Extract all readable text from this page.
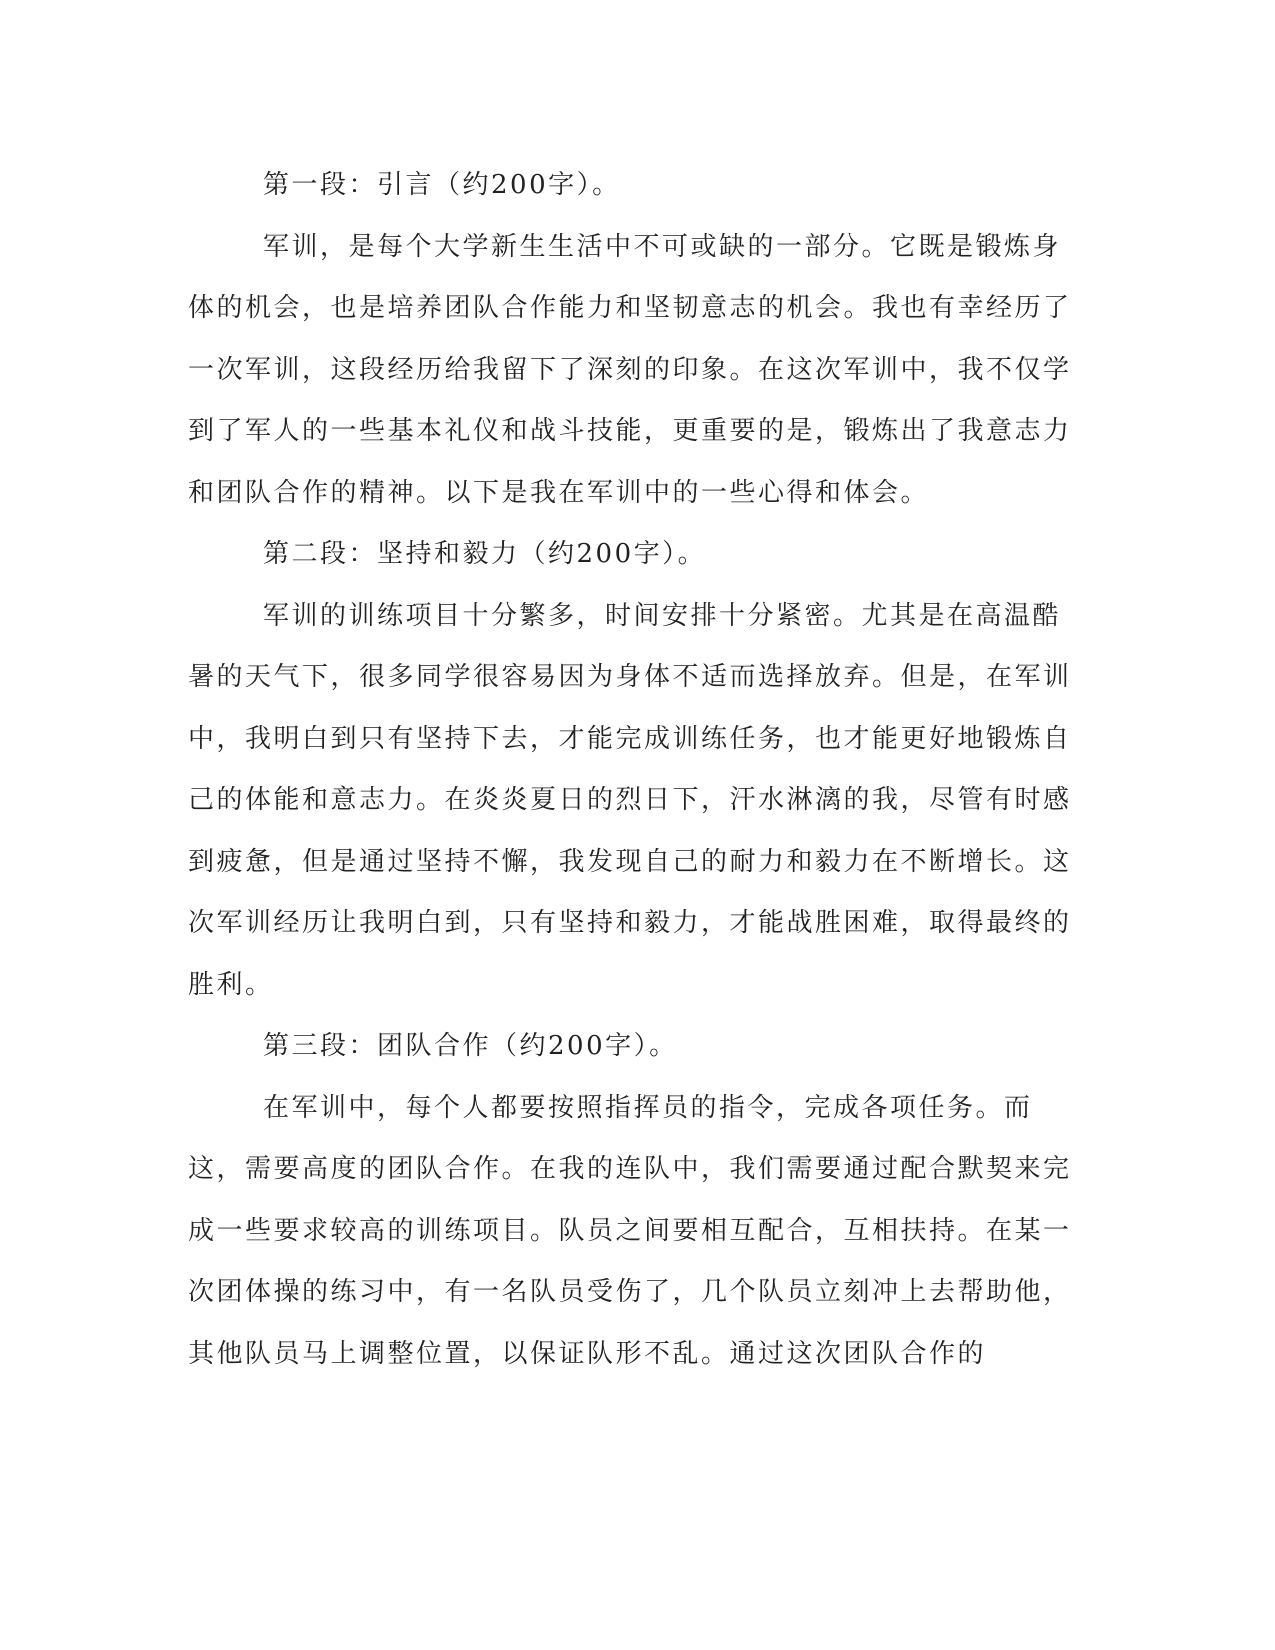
第一段：引言（约200字）。

军训，是每个大学新生生活中不可或缺的一部分。它既是锻炼身体的机会，也是培养团队合作能力和坚韧意志的机会。我也有幸经历了一次军训，这段经历给我留下了深刻的印象。在这次军训中，我不仅学到了军人的一些基本礼仪和战斗技能，更重要的是，锻炼出了我意志力和团队合作的精神。以下是我在军训中的一些心得和体会。

第二段：坚持和毅力（约200字）。

军训的训练项目十分繁多，时间安排十分紧密。尤其是在高温酷暑的天气下，很多同学很容易因为身体不适而选择放弃。但是，在军训中，我明白到只有坚持下去，才能完成训练任务，也才能更好地锻炼自己的体能和意志力。在炎炎夏日的烈日下，汗水淋漓的我，尽管有时感到疲惫，但是通过坚持不懈，我发现自己的耐力和毅力在不断增长。这次军训经历让我明白到，只有坚持和毅力，才能战胜困难，取得最终的胜利。

第三段：团队合作（约200字）。

在军训中，每个人都要按照指挥员的指令，完成各项任务。而这，需要高度的团队合作。在我的连队中，我们需要通过配合默契来完成一些要求较高的训练项目。队员之间要相互配合，互相扶持。在某一次团体操的练习中，有一名队员受伤了，几个队员立刻冲上去帮助他，其他队员马上调整位置，以保证队形不乱。通过这次团队合作的
